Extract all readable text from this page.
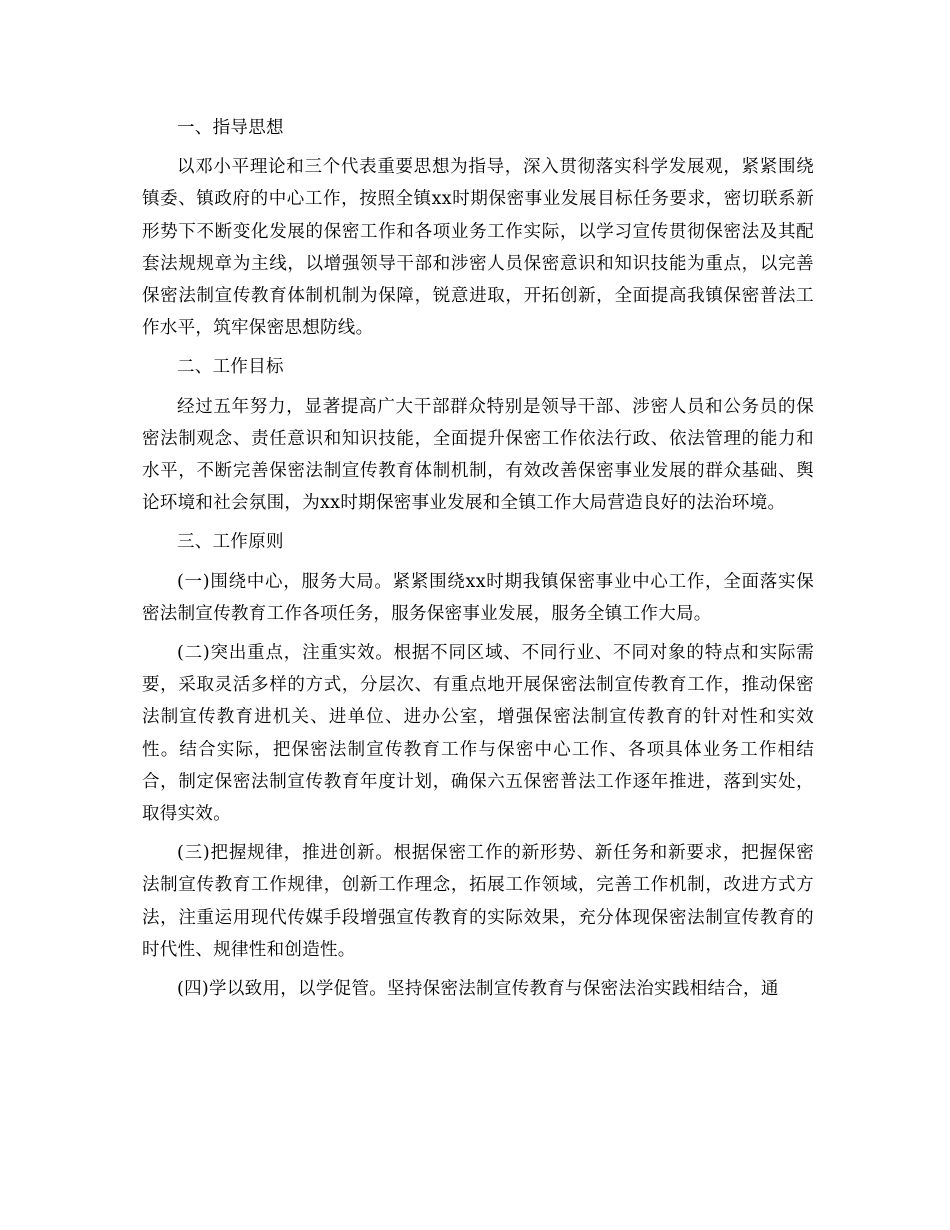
一、指导思想

以邓小平理论和三个代表重要思想为指导，深入贯彻落实科学发展观，紧紧围绕镇委、镇政府的中心工作，按照全镇xx时期保密事业发展目标任务要求，密切联系新形势下不断变化发展的保密工作和各项业务工作实际，以学习宣传贯彻保密法及其配套法规规章为主线，以增强领导干部和涉密人员保密意识和知识技能为重点，以完善保密法制宣传教育体制机制为保障，锐意进取，开拓创新，全面提高我镇保密普法工作水平，筑牢保密思想防线。

二、工作目标

经过五年努力，显著提高广大干部群众特别是领导干部、涉密人员和公务员的保密法制观念、责任意识和知识技能，全面提升保密工作依法行政、依法管理的能力和水平，不断完善保密法制宣传教育体制机制，有效改善保密事业发展的群众基础、舆论环境和社会氛围，为xx时期保密事业发展和全镇工作大局营造良好的法治环境。

三、工作原则

(一)围绕中心，服务大局。紧紧围绕xx时期我镇保密事业中心工作，全面落实保密法制宣传教育工作各项任务，服务保密事业发展，服务全镇工作大局。

(二)突出重点，注重实效。根据不同区域、不同行业、不同对象的特点和实际需要，采取灵活多样的方式，分层次、有重点地开展保密法制宣传教育工作，推动保密法制宣传教育进机关、进单位、进办公室，增强保密法制宣传教育的针对性和实效性。结合实际，把保密法制宣传教育工作与保密中心工作、各项具体业务工作相结合，制定保密法制宣传教育年度计划，确保六五保密普法工作逐年推进，落到实处，取得实效。

(三)把握规律，推进创新。根据保密工作的新形势、新任务和新要求，把握保密法制宣传教育工作规律，创新工作理念，拓展工作领域，完善工作机制，改进方式方法，注重运用现代传媒手段增强宣传教育的实际效果，充分体现保密法制宣传教育的时代性、规律性和创造性。

(四)学以致用，以学促管。坚持保密法制宣传教育与保密法治实践相结合，通
